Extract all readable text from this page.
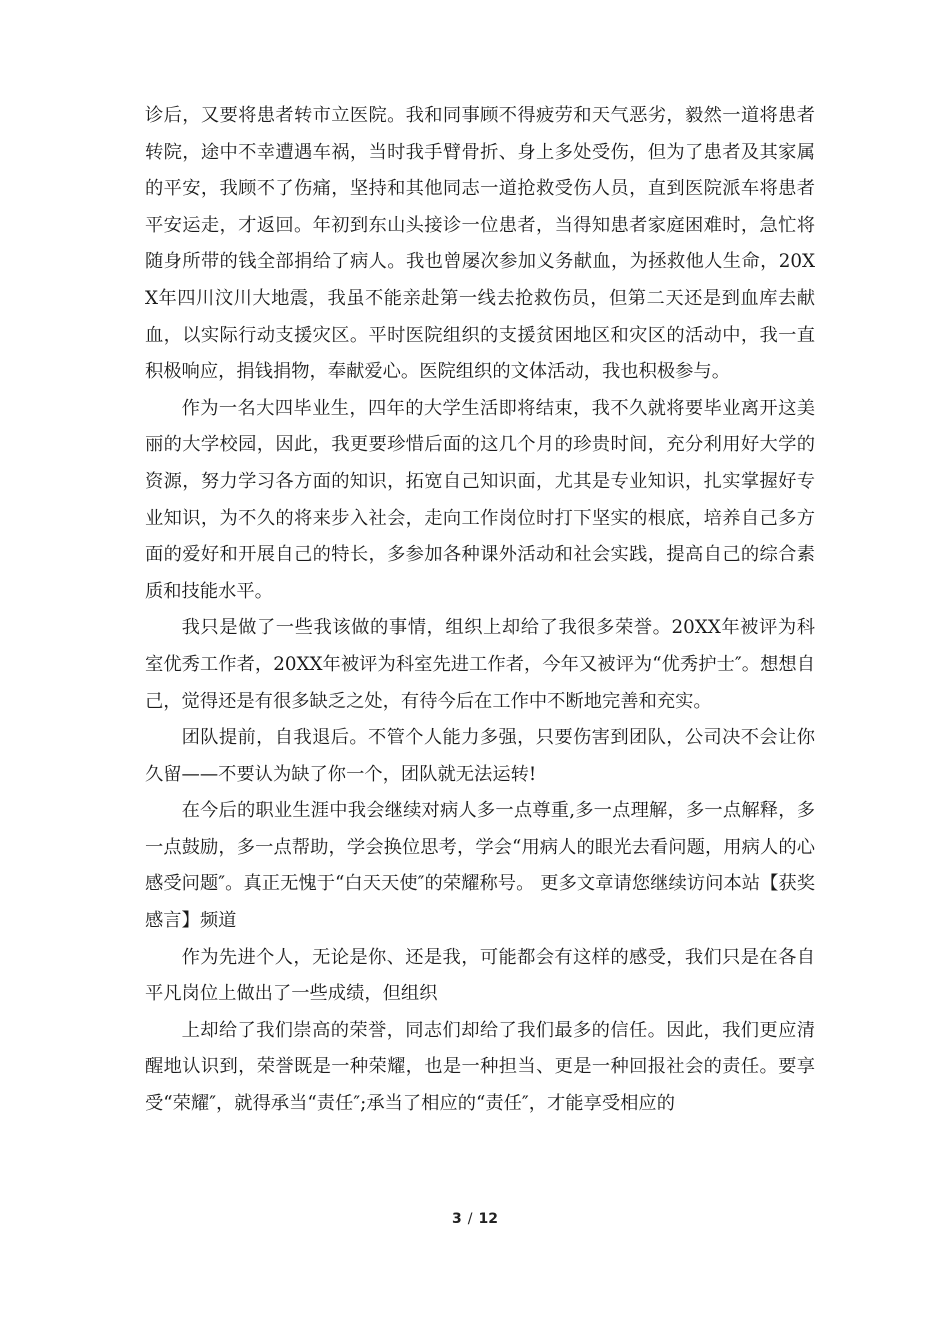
诊后，又要将患者转市立医院。我和同事顾不得疲劳和天气恶劣，毅然一道将患者转院，途中不幸遭遇车祸，当时我手臂骨折、身上多处受伤，但为了患者及其家属的平安，我顾不了伤痛，坚持和其他同志一道抢救受伤人员，直到医院派车将患者平安运走，才返回。年初到东山头接诊一位患者，当得知患者家庭困难时，急忙将随身所带的钱全部捐给了病人。我也曾屡次参加义务献血，为拯救他人生命，20XX年四川汶川大地震，我虽不能亲赴第一线去抢救伤员，但第二天还是到血库去献血，以实际行动支援灾区。平时医院组织的支援贫困地区和灾区的活动中，我一直积极响应，捐钱捐物，奉献爱心。医院组织的文体活动，我也积极参与。

作为一名大四毕业生，四年的大学生活即将结束，我不久就将要毕业离开这美丽的大学校园，因此，我更要珍惜后面的这几个月的珍贵时间，充分利用好大学的资源，努力学习各方面的知识，拓宽自己知识面，尤其是专业知识，扎实掌握好专业知识，为不久的将来步入社会，走向工作岗位时打下坚实的根底，培养自己多方面的爱好和开展自己的特长，多参加各种课外活动和社会实践，提高自己的综合素质和技能水平。

我只是做了一些我该做的事情，组织上却给了我很多荣誉。20XX年被评为科室优秀工作者，20XX年被评为科室先进工作者，今年又被评为“优秀护士″。想想自己，觉得还是有很多缺乏之处，有待今后在工作中不断地完善和充实。

团队提前，自我退后。不管个人能力多强，只要伤害到团队，公司决不会让你久留——不要认为缺了你一个，团队就无法运转!

在今后的职业生涯中我会继续对病人多一点尊重,多一点理解，多一点解释，多一点鼓励，多一点帮助，学会换位思考，学会“用病人的眼光去看问题，用病人的心感受问题″。真正无愧于“白天天使″的荣耀称号。 更多文章请您继续访问本站【获奖感言】频道

作为先进个人，无论是你、还是我，可能都会有这样的感受，我们只是在各自平凡岗位上做出了一些成绩，但组织

上却给了我们崇高的荣誉，同志们却给了我们最多的信任。因此，我们更应清醒地认识到，荣誉既是一种荣耀，也是一种担当、更是一种回报社会的责任。要享受“荣耀″，就得承当“责任″;承当了相应的“责任″，才能享受相应的

3 / 12
